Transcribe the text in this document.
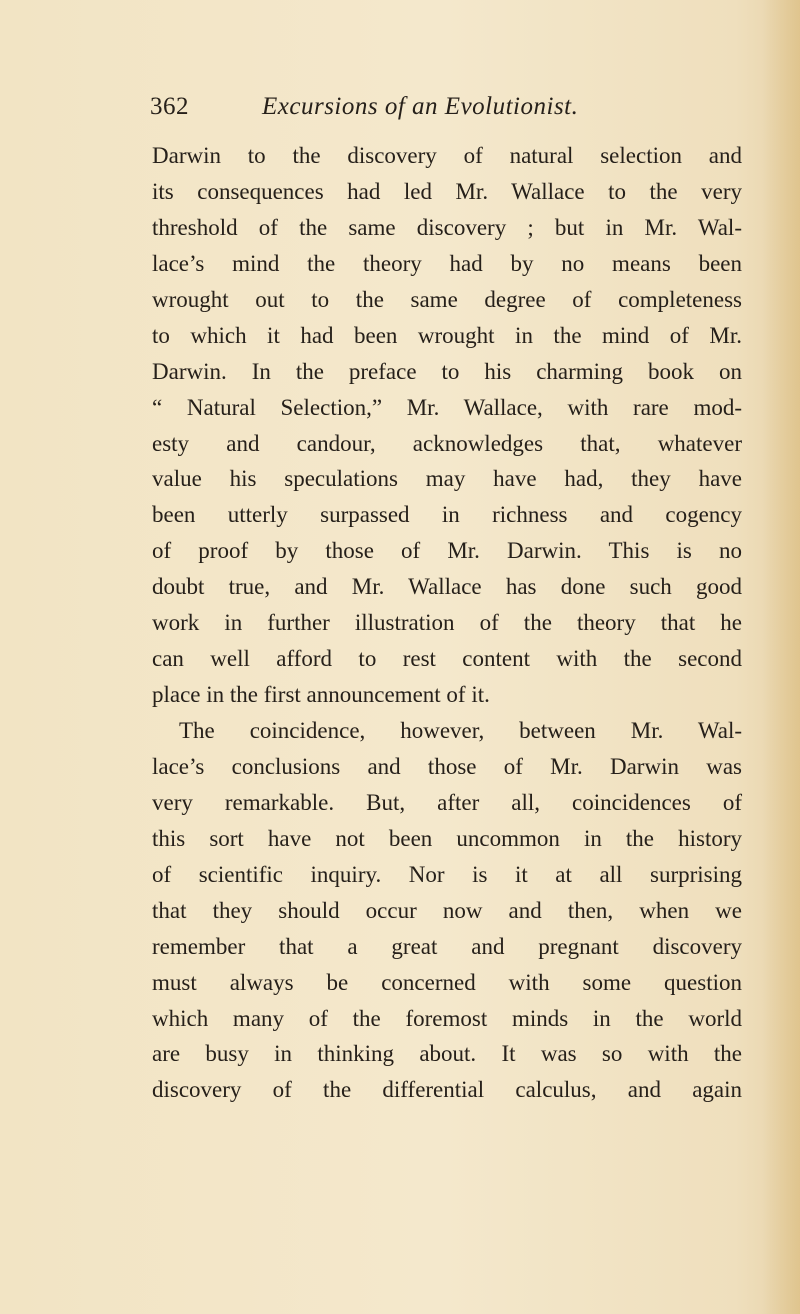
362	Excursions of an Evolutionist.
Darwin to the discovery of natural selection and
its consequences had led Mr. Wallace to the very
threshold of the same discovery ; but in Mr. Wal-
lace’s mind the theory had by no means been
wrought out to the same degree of completeness
to which it had been wrought in the mind of Mr.
Darwin. In the preface to his charming book on
“ Natural Selection,” Mr. Wallace, with rare mod-
esty and candour, acknowledges that, whatever
value his speculations may have had, they have
been utterly surpassed in richness and cogency
of proof by those of Mr. Darwin. This is no
doubt true, and Mr. Wallace has done such good
work in further illustration of the theory that he
can well afford to rest content with the second
place in the first announcement of it.
The coincidence, however, between Mr. Wal-
lace’s conclusions and those of Mr. Darwin was
very remarkable. But, after all, coincidences of
this sort have not been uncommon in the history
of scientific inquiry. Nor is it at all surprising
that they should occur now and then, when we
remember that a great and pregnant discovery
must always be concerned with some question
which many of the foremost minds in the world
are busy in thinking about. It was so with the
discovery of the differential calculus, and again
